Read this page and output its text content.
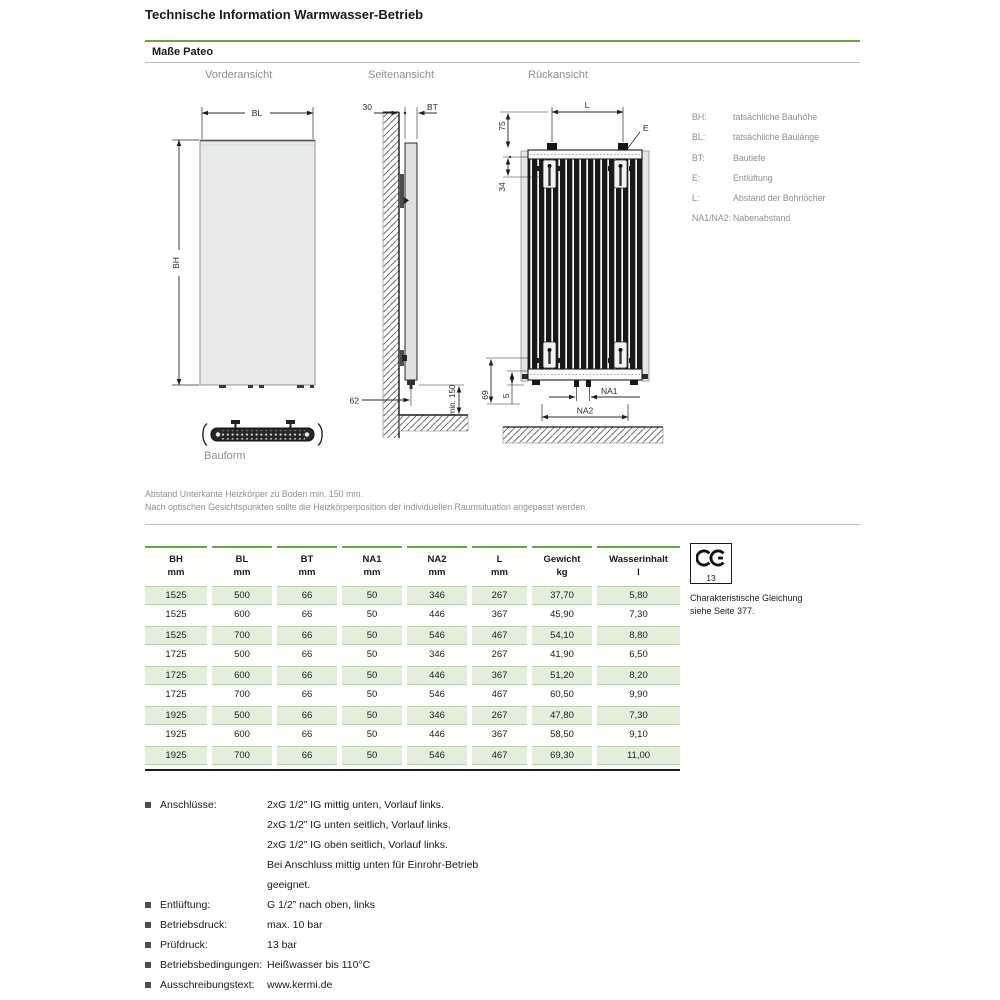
Technische Information Warmwasser-Betrieb
Maße Pateo
Vorderansicht	Seitenansicht	Rückansicht
BH:	tatsächliche Bauhöhe
BL:	tatsächliche Baulänge
BT:	Bautiefe
E:	Entlüftung
L:	Abstand der Bohrlöcher
NA1/NA2: Nabenabstand
BL
BH
30	BT
62	min. 150
L
75
34
E
69 5	NA1
NA2
Bauform
Abstand Unterkante Heizkörper zu Boden min. 150 mm.
Nach optischen Gesichtspunkten sollte die Heizkörperposition der individuellen Raumsituation angepasst werden.
BH
mm
BL
mm
BT
mm
NA1
mm
NA2
mm
L
mm
Gewicht
kg
Wasserinhalt
l
1525	500	66	50	346	267	37,70	5,80
1525	600	66	50	446	367	45,90	7,30
1525	700	66	50	546	467	54,10	8,80
1725	500	66	50	346	267	41,90	6,50
1725	600	66	50	446	367	51,20	8,20
1725	700	66	50	546	467	60,50	9,90
1925	500	66	50	346	267	47,80	7,30
1925	600	66	50	446	367	58,50	9,10
1925	700	66	50	546	467	69,30	11,00
13
Charakteristische Gleichung
siehe Seite 377.
Anschlüsse:	2xG 1/2” IG mittig unten, Vorlauf links.
2xG 1/2” IG unten seitlich, Vorlauf links.
2xG 1/2” IG oben seitlich, Vorlauf links.
Bei Anschluss mittig unten für Einrohr-Betrieb
geeignet.
Entlüftung:	G 1/2” nach oben, links
Betriebsdruck:	max. 10 bar
Prüfdruck:	13 bar
Betriebsbedingungen: Heißwasser bis 110°C
Ausschreibungstext:	www.kermi.de
